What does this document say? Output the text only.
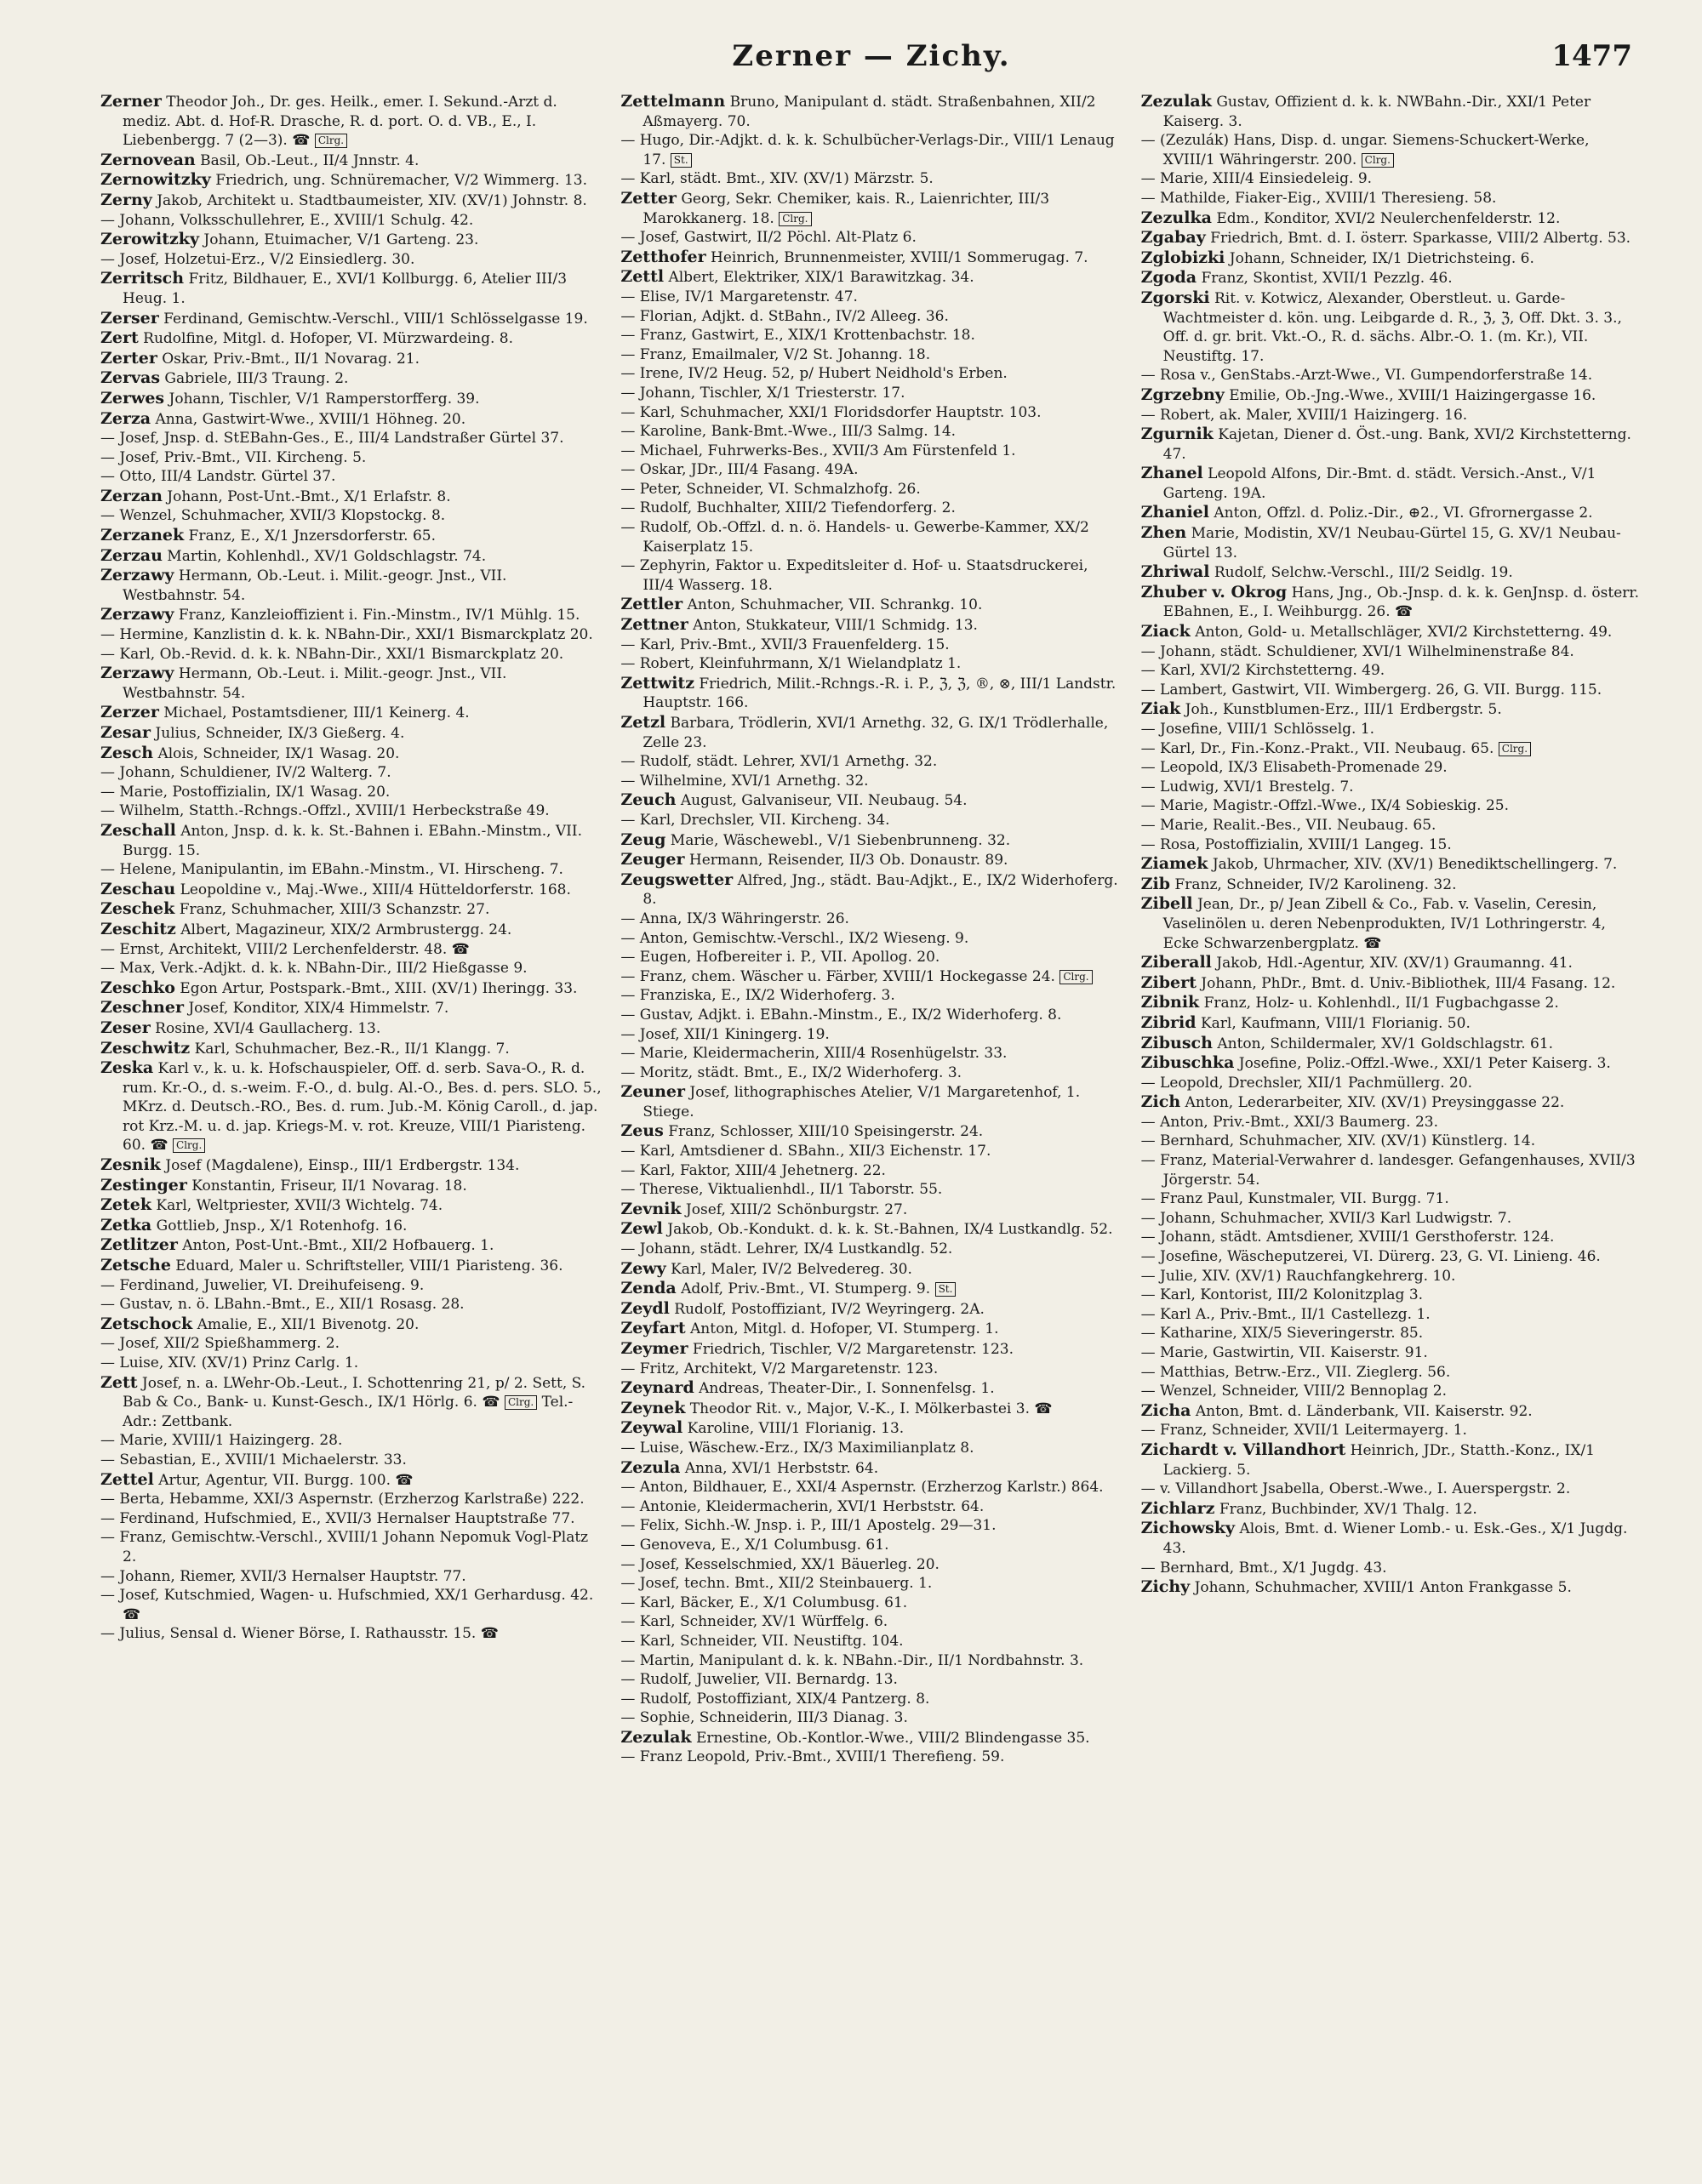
Zerner — Zichy.	1477

Zerner Theodor Joh., Dr. ges. Heilk., emer. I. Sekund.-Arzt d. mediz. Abt. d. Hof-R. Drasche, R. d. port. O. d. VB., E., I. Liebenbergg. 7 (2—3). ☎ Clrg.

Zernovean Basil, Ob.-Leut., II/4 Jnnstr. 4.

Zernowitzky Friedrich, ung. Schnüremacher, V/2 Wimmerg. 13.

Zerny Jakob, Architekt u. Stadtbaumeister, XIV. (XV/1) Johnstr. 8.

— Johann, Volksschullehrer, E., XVIII/1 Schulg. 42.

Zerowitzky Johann, Etuimacher, V/1 Garteng. 23.

— Josef, Holzetui-Erz., V/2 Einsiedlerg. 30.

Zerritsch Fritz, Bildhauer, E., XVI/1 Kollburgg. 6, Atelier III/3 Heug. 1.

Zerser Ferdinand, Gemischtw.-Verschl., VIII/1 Schlösselgasse 19.

Zert Rudolfine, Mitgl. d. Hofoper, VI. Mürzwardeing. 8.

Zerter Oskar, Priv.-Bmt., II/1 Novarag. 21.

Zervas Gabriele, III/3 Traung. 2.

Zerwes Johann, Tischler, V/1 Ramperstorfferg. 39.

Zerza Anna, Gastwirt-Wwe., XVIII/1 Höhneg. 20.

— Josef, Jnsp. d. StEBahn-Ges., E., III/4 Landstraßer Gürtel 37.

— Josef, Priv.-Bmt., VII. Kircheng. 5.

— Otto, III/4 Landstr. Gürtel 37.

Zerzan Johann, Post-Unt.-Bmt., X/1 Erlafstr. 8.

— Wenzel, Schuhmacher, XVII/3 Klopstockg. 8.

Zerzanek Franz, E., X/1 Jnzersdorferstr. 65.

Zerzau Martin, Kohlenhdl., XV/1 Goldschlagstr. 74.

Zerzawy Hermann, Ob.-Leut. i. Milit.-geogr. Jnst., VII. Westbahnstr. 54.

Zerzawy Franz, Kanzleioffizient i. Fin.-Minstm., IV/1 Mühlg. 15.

— Hermine, Kanzlistin d. k. k. NBahn-Dir., XXI/1 Bismarckplatz 20.

— Karl, Ob.-Revid. d. k. k. NBahn-Dir., XXI/1 Bismarckplatz 20.

Zerzawy Hermann, Ob.-Leut. i. Milit.-geogr. Jnst., VII. Westbahnstr. 54.

Zerzer Michael, Postamtsdiener, III/1 Keinerg. 4.

Zesar Julius, Schneider, IX/3 Gießerg. 4.

Zesch Alois, Schneider, IX/1 Wasag. 20.

— Johann, Schuldiener, IV/2 Walterg. 7.

— Marie, Postoffizialin, IX/1 Wasag. 20.

— Wilhelm, Statth.-Rchngs.-Offzl., XVIII/1 Herbeckstraße 49.

Zeschall Anton, Jnsp. d. k. k. St.-Bahnen i. EBahn.-Minstm., VII. Burgg. 15.

— Helene, Manipulantin, im EBahn.-Minstm., VI. Hirscheng. 7.

Zeschau Leopoldine v., Maj.-Wwe., XIII/4 Hütteldorferstr. 168.

Zeschek Franz, Schuhmacher, XIII/3 Schanzstr. 27.

Zeschitz Albert, Magazineur, XIX/2 Armbrustergg. 24.

— Ernst, Architekt, VIII/2 Lerchenfelderstr. 48. ☎

— Max, Verk.-Adjkt. d. k. k. NBahn-Dir., III/2 Hießgasse 9.

Zeschko Egon Artur, Postspark.-Bmt., XIII. (XV/1) Iheringg. 33.

Zeschner Josef, Konditor, XIX/4 Himmelstr. 7.

Zeser Rosine, XVI/4 Gaullacherg. 13.

Zeschwitz Karl, Schuhmacher, Bez.-R., II/1 Klangg. 7.

Zeska Karl v., k. u. k. Hofschauspieler, Off. d. serb. Sava-O., R. d. rum. Kr.-O., d. s.-weim. F.-O., d. bulg. Al.-O., Bes. d. pers. SLO. 5., MKrz. d. Deutsch.-RO., Bes. d. rum. Jub.-M. König Caroll., d. jap. rot Krz.-M. u. d. jap. Kriegs-M. v. rot. Kreuze, VIII/1 Piaristeng. 60. ☎ Clrg.

Zesnik Josef (Magdalene), Einsp., III/1 Erdbergstr. 134.

Zestinger Konstantin, Friseur, II/1 Novarag. 18.

Zetek Karl, Weltpriester, XVII/3 Wichtelg. 74.

Zetka Gottlieb, Jnsp., X/1 Rotenhofg. 16.

Zetlitzer Anton, Post-Unt.-Bmt., XII/2 Hofbauerg. 1.

Zetsche Eduard, Maler u. Schriftsteller, VIII/1 Piaristeng. 36.

— Ferdinand, Juwelier, VI. Dreihufeiseng. 9.

— Gustav, n. ö. LBahn.-Bmt., E., XII/1 Rosasg. 28.

Zetschock Amalie, E., XII/1 Bivenotg. 20.

— Josef, XII/2 Spießhammerg. 2.

— Luise, XIV. (XV/1) Prinz Carlg. 1.

Zett Josef, n. a. LWehr-Ob.-Leut., I. Schottenring 21, p/ 2. Sett, S. Bab & Co., Bank- u. Kunst-Gesch., IX/1 Hörlg. 6. ☎ Clrg. Tel.-Adr.: Zettbank.

— Marie, XVIII/1 Haizingerg. 28.

— Sebastian, E., XVIII/1 Michaelerstr. 33.

Zettel Artur, Agentur, VII. Burgg. 100. ☎

— Berta, Hebamme, XXI/3 Aspernstr. (Erzherzog Karlstraße) 222.

— Ferdinand, Hufschmied, E., XVII/3 Hernalser Hauptstraße 77.

— Franz, Gemischtw.-Verschl., XVIII/1 Johann Nepomuk Vogl-Platz 2.

— Johann, Riemer, XVII/3 Hernalser Hauptstr. 77.

— Josef, Kutschmied, Wagen- u. Hufschmied, XX/1 Gerhardusg. 42. ☎

— Julius, Sensal d. Wiener Börse, I. Rathausstr. 15. ☎

Zettelmann Bruno, Manipulant d. städt. Straßenbahnen, XII/2 Aßmayerg. 70.

— Hugo, Dir.-Adjkt. d. k. k. Schulbücher-Verlags-Dir., VIII/1 Lenaug 17. St.

— Karl, städt. Bmt., XIV. (XV/1) Märzstr. 5.

Zetter Georg, Sekr. Chemiker, kais. R., Laienrichter, III/3 Marokkanerg. 18. Clrg.

— Josef, Gastwirt, II/2 Pöchl. Alt-Platz 6.

Zetthofer Heinrich, Brunnenmeister, XVIII/1 Sommerugag. 7.

Zettl Albert, Elektriker, XIX/1 Barawitzkag. 34.

— Elise, IV/1 Margaretenstr. 47.

— Florian, Adjkt. d. StBahn., IV/2 Alleeg. 36.

— Franz, Gastwirt, E., XIX/1 Krottenbachstr. 18.

— Franz, Emailmaler, V/2 St. Johanng. 18.

— Irene, IV/2 Heug. 52, p/ Hubert Neidhold's Erben.

— Johann, Tischler, X/1 Triesterstr. 17.

— Karl, Schuhmacher, XXI/1 Floridsdorfer Hauptstr. 103.

— Karoline, Bank-Bmt.-Wwe., III/3 Salmg. 14.

— Michael, Fuhrwerks-Bes., XVII/3 Am Fürstenfeld 1.

— Oskar, JDr., III/4 Fasang. 49A.

— Peter, Schneider, VI. Schmalzhofg. 26.

— Rudolf, Buchhalter, XIII/2 Tiefendorferg. 2.

— Rudolf, Ob.-Offzl. d. n. ö. Handels- u. Gewerbe-Kammer, XX/2 Kaiserplatz 15.

— Zephyrin, Faktor u. Expeditsleiter d. Hof- u. Staatsdruckerei, III/4 Wasserg. 18.

Zettler Anton, Schuhmacher, VII. Schrankg. 10.

Zettner Anton, Stukkateur, VIII/1 Schmidg. 13.

— Karl, Priv.-Bmt., XVII/3 Frauenfelderg. 15.

— Robert, Kleinfuhrmann, X/1 Wielandplatz 1.

Zettwitz Friedrich, Milit.-Rchngs.-R. i. P., ℨ, ℨ, ®, ⊗, III/1 Landstr. Hauptstr. 166.

Zetzl Barbara, Trödlerin, XVI/1 Arnethg. 32, G. IX/1 Trödlerhalle, Zelle 23.

— Rudolf, städt. Lehrer, XVI/1 Arnethg. 32.

— Wilhelmine, XVI/1 Arnethg. 32.

Zeuch August, Galvaniseur, VII. Neubaug. 54.

— Karl, Drechsler, VII. Kircheng. 34.

Zeug Marie, Wäschewebl., V/1 Siebenbrunneng. 32.

Zeuger Hermann, Reisender, II/3 Ob. Donaustr. 89.

Zeugswetter Alfred, Jng., städt. Bau-Adjkt., E., IX/2 Widerhoferg. 8.

— Anna, IX/3 Währingerstr. 26.

— Anton, Gemischtw.-Verschl., IX/2 Wieseng. 9.

— Eugen, Hofbereiter i. P., VII. Apollog. 20.

— Franz, chem. Wäscher u. Färber, XVIII/1 Hockegasse 24. Clrg.

— Franziska, E., IX/2 Widerhoferg. 3.

— Gustav, Adjkt. i. EBahn.-Minstm., E., IX/2 Widerhoferg. 8.

— Josef, XII/1 Kiningerg. 19.

— Marie, Kleidermacherin, XIII/4 Rosenhügelstr. 33.

— Moritz, städt. Bmt., E., IX/2 Widerhoferg. 3.

Zeuner Josef, lithographisches Atelier, V/1 Margaretenhof, 1. Stiege.

Zeus Franz, Schlosser, XIII/10 Speisingerstr. 24.

— Karl, Amtsdiener d. SBahn., XII/3 Eichenstr. 17.

— Karl, Faktor, XIII/4 Jehetnerg. 22.

— Therese, Viktualienhdl., II/1 Taborstr. 55.

Zevnik Josef, XIII/2 Schönburgstr. 27.

Zewl Jakob, Ob.-Kondukt. d. k. k. St.-Bahnen, IX/4 Lustkandlg. 52.

— Johann, städt. Lehrer, IX/4 Lustkandlg. 52.

Zewy Karl, Maler, IV/2 Belvedereg. 30.

Zenda Adolf, Priv.-Bmt., VI. Stumperg. 9. St.

Zeydl Rudolf, Postoffiziant, IV/2 Weyringerg. 2A.

Zeyfart Anton, Mitgl. d. Hofoper, VI. Stumperg. 1.

Zeymer Friedrich, Tischler, V/2 Margaretenstr. 123.

— Fritz, Architekt, V/2 Margaretenstr. 123.

Zeynard Andreas, Theater-Dir., I. Sonnenfelsg. 1.

Zeynek Theodor Rit. v., Major, V.-K., I. Mölkerbastei 3. ☎

Zeywal Karoline, VIII/1 Florianig. 13.

— Luise, Wäschew.-Erz., IX/3 Maximilianplatz 8.

Zezula Anna, XVI/1 Herbststr. 64.

— Anton, Bildhauer, E., XXI/4 Aspernstr. (Erzherzog Karlstr.) 864.

— Antonie, Kleidermacherin, XVI/1 Herbststr. 64.

— Felix, Sichh.-W. Jnsp. i. P., III/1 Apostelg. 29—31.

— Genoveva, E., X/1 Columbusg. 61.

— Josef, Kesselschmied, XX/1 Bäuerleg. 20.

— Josef, techn. Bmt., XII/2 Steinbauerg. 1.

— Karl, Bäcker, E., X/1 Columbusg. 61.

— Karl, Schneider, XV/1 Würffelg. 6.

— Karl, Schneider, VII. Neustiftg. 104.

— Martin, Manipulant d. k. k. NBahn.-Dir., II/1 Nordbahnstr. 3.

— Rudolf, Juwelier, VII. Bernardg. 13.

— Rudolf, Postoffiziant, XIX/4 Pantzerg. 8.

— Sophie, Schneiderin, III/3 Dianag. 3.

Zezulak Ernestine, Ob.-Kontlor.-Wwe., VIII/2 Blindengasse 35.

— Franz Leopold, Priv.-Bmt., XVIII/1 Therefieng. 59.

Zezulak Gustav, Offizient d. k. k. NWBahn.-Dir., XXI/1 Peter Kaiserg. 3.

— (Zezulák) Hans, Disp. d. ungar. Siemens-Schuckert-Werke, XVIII/1 Währingerstr. 200. Clrg.

— Marie, XIII/4 Einsiedeleig. 9.

— Mathilde, Fiaker-Eig., XVIII/1 Theresieng. 58.

Zezulka Edm., Konditor, XVI/2 Neulerchenfelderstr. 12.

Zgabay Friedrich, Bmt. d. I. österr. Sparkasse, VIII/2 Albertg. 53.

Zglobizki Johann, Schneider, IX/1 Dietrichsteing. 6.

Zgoda Franz, Skontist, XVII/1 Pezzlg. 46.

Zgorski Rit. v. Kotwicz, Alexander, Oberstleut. u. Garde-Wachtmeister d. kön. ung. Leibgarde d. R., ℨ, ℨ, Off. Dkt. 3. 3., Off. d. gr. brit. Vkt.-O., R. d. sächs. Albr.-O. 1. (m. Kr.), VII. Neustiftg. 17.

— Rosa v., GenStabs.-Arzt-Wwe., VI. Gumpendorferstraße 14.

Zgrzebny Emilie, Ob.-Jng.-Wwe., XVIII/1 Haizingergasse 16.

— Robert, ak. Maler, XVIII/1 Haizingerg. 16.

Zgurnik Kajetan, Diener d. Öst.-ung. Bank, XVI/2 Kirchstetterng. 47.

Zhanel Leopold Alfons, Dir.-Bmt. d. städt. Versich.-Anst., V/1 Garteng. 19A.

Zhaniel Anton, Offzl. d. Poliz.-Dir., ⊕2., VI. Gfrornergasse 2.

Zhen Marie, Modistin, XV/1 Neubau-Gürtel 15, G. XV/1 Neubau-Gürtel 13.

Zhriwal Rudolf, Selchw.-Verschl., III/2 Seidlg. 19.

Zhuber v. Okrog Hans, Jng., Ob.-Jnsp. d. k. k. GenJnsp. d. österr. EBahnen, E., I. Weihburgg. 26. ☎

Ziack Anton, Gold- u. Metallschläger, XVI/2 Kirchstetterng. 49.

— Johann, städt. Schuldiener, XVI/1 Wilhelminenstraße 84.

— Karl, XVI/2 Kirchstetterng. 49.

— Lambert, Gastwirt, VII. Wimbergerg. 26, G. VII. Burgg. 115.

Ziak Joh., Kunstblumen-Erz., III/1 Erdbergstr. 5.

— Josefine, VIII/1 Schlösselg. 1.

— Karl, Dr., Fin.-Konz.-Prakt., VII. Neubaug. 65. Clrg.

— Leopold, IX/3 Elisabeth-Promenade 29.

— Ludwig, XVI/1 Brestelg. 7.

— Marie, Magistr.-Offzl.-Wwe., IX/4 Sobieskig. 25.

— Marie, Realit.-Bes., VII. Neubaug. 65.

— Rosa, Postoffizialin, XVIII/1 Langeg. 15.

Ziamek Jakob, Uhrmacher, XIV. (XV/1) Benediktschellingerg. 7.

Zib Franz, Schneider, IV/2 Karolineng. 32.

Zibell Jean, Dr., p/ Jean Zibell & Co., Fab. v. Vaselin, Ceresin, Vaselinölen u. deren Nebenprodukten, IV/1 Lothringerstr. 4, Ecke Schwarzenbergplatz. ☎

Ziberall Jakob, Hdl.-Agentur, XIV. (XV/1) Graumanng. 41.

Zibert Johann, PhDr., Bmt. d. Univ.-Bibliothek, III/4 Fasang. 12.

Zibnik Franz, Holz- u. Kohlenhdl., II/1 Fugbachgasse 2.

Zibrid Karl, Kaufmann, VIII/1 Florianig. 50.

Zibusch Anton, Schildermaler, XV/1 Goldschlagstr. 61.

Zibuschka Josefine, Poliz.-Offzl.-Wwe., XXI/1 Peter Kaiserg. 3.

— Leopold, Drechsler, XII/1 Pachmüllerg. 20.

Zich Anton, Lederarbeiter, XIV. (XV/1) Preysinggasse 22.

— Anton, Priv.-Bmt., XXI/3 Baumerg. 23.

— Bernhard, Schuhmacher, XIV. (XV/1) Künstlerg. 14.

— Franz, Material-Verwahrer d. landesger. Gefangenhauses, XVII/3 Jörgerstr. 54.

— Franz Paul, Kunstmaler, VII. Burgg. 71.

— Johann, Schuhmacher, XVII/3 Karl Ludwigstr. 7.

— Johann, städt. Amtsdiener, XVIII/1 Gersthoferstr. 124.

— Josefine, Wäscheputzerei, VI. Dürerg. 23, G. VI. Linieng. 46.

— Julie, XIV. (XV/1) Rauchfangkehrerg. 10.

— Karl, Kontorist, III/2 Kolonitzplag 3.

— Karl A., Priv.-Bmt., II/1 Castellezg. 1.

— Katharine, XIX/5 Sieveringerstr. 85.

— Marie, Gastwirtin, VII. Kaiserstr. 91.

— Matthias, Betrw.-Erz., VII. Zieglerg. 56.

— Wenzel, Schneider, VIII/2 Bennoplag 2.

Zicha Anton, Bmt. d. Länderbank, VII. Kaiserstr. 92.

— Franz, Schneider, XVII/1 Leitermayerg. 1.

Zichardt v. Villandhort Heinrich, JDr., Statth.-Konz., IX/1 Lackierg. 5.

— v. Villandhort Jsabella, Oberst.-Wwe., I. Auerspergstr. 2.

Zichlarz Franz, Buchbinder, XV/1 Thalg. 12.

Zichowsky Alois, Bmt. d. Wiener Lomb.- u. Esk.-Ges., X/1 Jugdg. 43.

— Bernhard, Bmt., X/1 Jugdg. 43.

Zichy Johann, Schuhmacher, XVIII/1 Anton Frankgasse 5.
